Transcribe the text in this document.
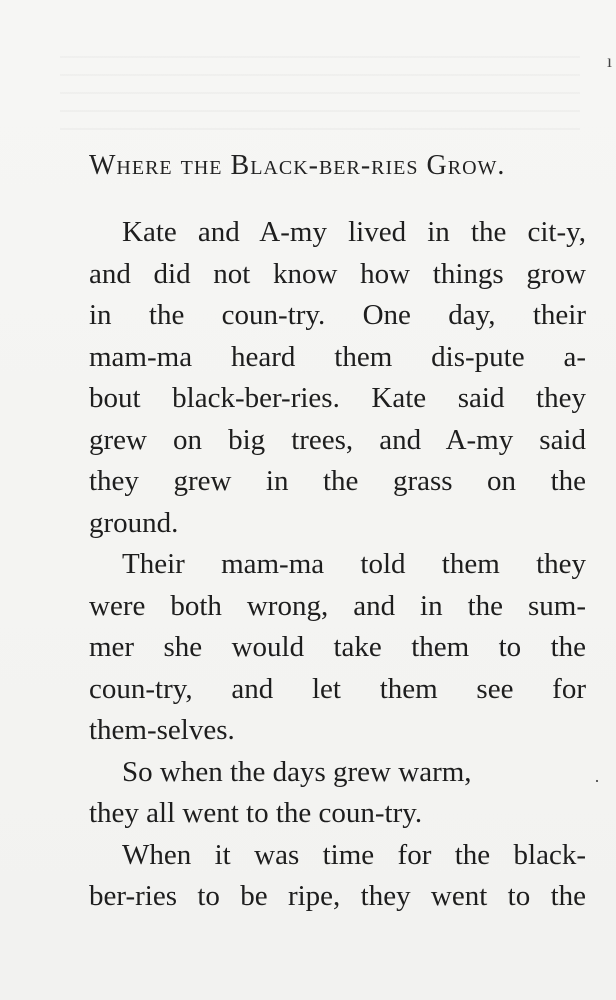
Where the Black-ber-ries Grow.
Kate and A-my lived in the cit-y,
and did not know how things grow
in the coun-try. One day, their
mam-ma heard them dis-pute a-
bout black-ber-ries. Kate said they
grew on big trees, and A-my said
they grew in the grass on the
ground.
Their mam-ma told them they
were both wrong, and in the sum-
mer she would take them to the
coun-try, and let them see for
them-selves.
So when the days grew warm,
they all went to the coun-try.
When it was time for the black-
ber-ries to be ripe, they went to the
ı
·
